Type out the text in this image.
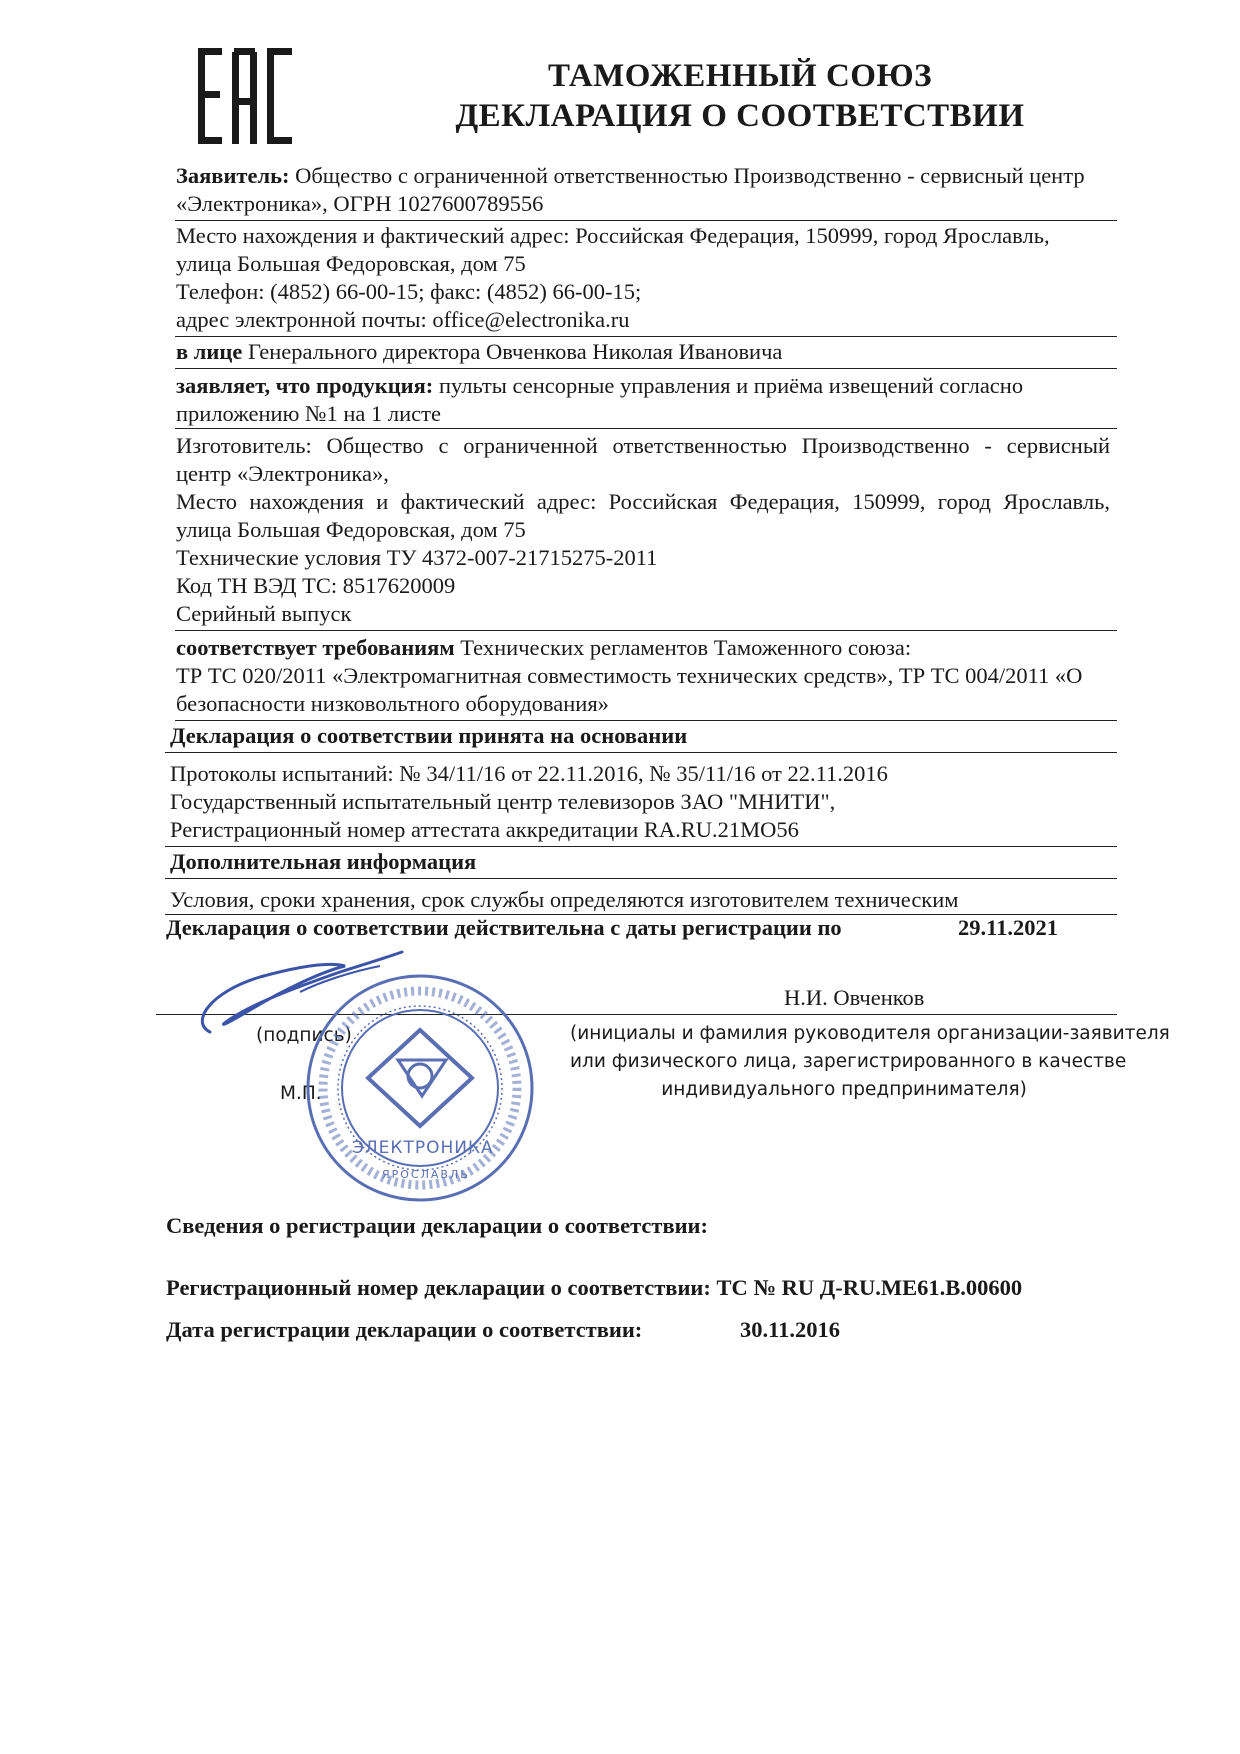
ТАМОЖЕННЫЙ СОЮЗ
ДЕКЛАРАЦИЯ О СООТВЕТСТВИИ
Заявитель: Общество с ограниченной ответственностью Производственно - сервисный центр
«Электроника», ОГРН 1027600789556
Место нахождения и фактический адрес: Российская Федерация, 150999, город Ярославль,
улица Большая Федоровская, дом 75
Телефон: (4852) 66-00-15; факс: (4852) 66-00-15;
адрес электронной почты: office@electronika.ru
в лице Генерального директора Овченкова Николая Ивановича
заявляет, что продукция: пульты сенсорные управления и приёма извещений согласно
приложению №1 на 1 листе
Изготовитель: Общество с ограниченной ответственностью Производственно - сервисный
центр «Электроника»,
Место нахождения и фактический адрес: Российская Федерация, 150999, город Ярославль,
улица Большая Федоровская, дом 75
Технические условия ТУ 4372-007-21715275-2011
Код ТН ВЭД ТС: 8517620009
Серийный выпуск
соответствует требованиям Технических регламентов Таможенного союза:
ТР ТС 020/2011 «Электромагнитная совместимость технических средств», ТР ТС 004/2011 «О
безопасности низковольтного оборудования»
Декларация о соответствии принята на основании
Протоколы испытаний: № 34/11/16 от 22.11.2016, № 35/11/16 от 22.11.2016
Государственный испытательный центр телевизоров ЗАО "МНИТИ",
Регистрационный номер аттестата аккредитации RA.RU.21МО56
Дополнительная информация
Условия, сроки хранения, срок службы определяются изготовителем техническим
Декларация о соответствии действительна с даты регистрации по	29.11.2021
Н.И. Овченков
(подпись)
М.П.
(инициалы и фамилия руководителя организации-заявителя
или физического лица, зарегистрированного в качестве
индивидуального предпринимателя)
ЭЛЕКТРОНИКА
ЯРОСЛАВЛЬ
Сведения о регистрации декларации о соответствии:
Регистрационный номер декларации о соответствии: ТС № RU Д-RU.МЕ61.В.00600
Дата регистрации декларации о соответствии:	30.11.2016
